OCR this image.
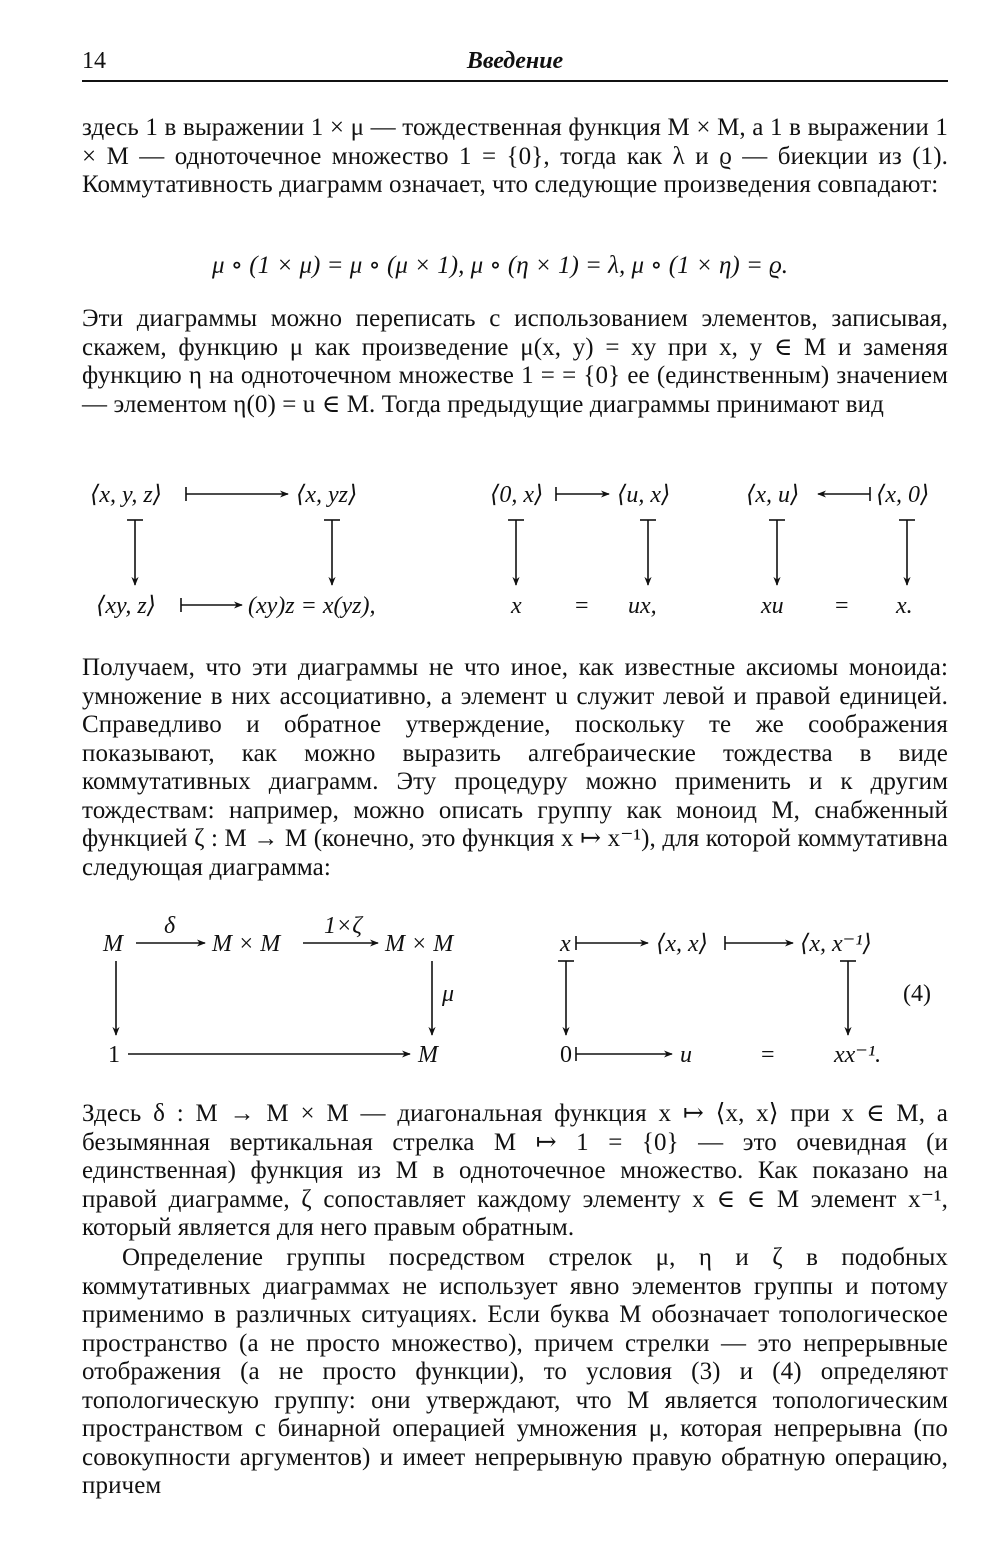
14	Введение
здесь 1 в выражении 1 × μ — тождественная функция M × M, а 1 в выражении 1 × M — одноточечное множество 1 = {0}, тогда как λ и ϱ — биекции из (1). Коммутативность диаграмм означает, что следующие произведения совпадают:
μ ∘ (1 × μ) = μ ∘ (μ × 1), μ ∘ (η × 1) = λ, μ ∘ (1 × η) = ϱ.
Эти диаграммы можно переписать с использованием элементов, записывая, скажем, функцию μ как произведение μ(x, y) = xy при x, y ∈ M и заменяя функцию η на одноточечном множестве 1 = = {0} ее (единственным) значением — элементом η(0) = u ∈ M. Тогда предыдущие диаграммы принимают вид
⟨x, y, z⟩	⟨x, yz⟩
⟨xy, z⟩	(xy)z = x(yz),
⟨0, x⟩	⟨u, x⟩
x = ux,
⟨x, u⟩	⟨x, 0⟩
xu = x.
Получаем, что эти диаграммы не что иное, как известные аксиомы моноида: умножение в них ассоциативно, а элемент u служит левой и правой единицей. Справедливо и обратное утверждение, поскольку те же соображения показывают, как можно выразить алгебраические тождества в виде коммутативных диаграмм. Эту процедуру можно применить и к другим тождествам: например, можно описать группу как моноид M, снабженный функцией ζ : M → M (конечно, это функция x ↦ x⁻¹), для которой коммутативна следующая диаграмма:
M
δ
M × M
1×ζ
M × M
μ
1	M
x	⟨x, x⟩	⟨x, x⁻¹⟩
(4)
0	u	= xx⁻¹.
Здесь δ : M → M × M — диагональная функция x ↦ ⟨x, x⟩ при x ∈ M, а безымянная вертикальная стрелка M ↦ 1 = {0} — это очевидная (и единственная) функция из M в одноточечное множество. Как показано на правой диаграмме, ζ сопоставляет каждому элементу x ∈ ∈ M элемент x⁻¹, который является для него правым обратным.
Определение группы посредством стрелок μ, η и ζ в подобных коммутативных диаграммах не использует явно элементов группы и потому применимо в различных ситуациях. Если буква M обозначает топологическое пространство (а не просто множество), причем стрелки — это непрерывные отображения (а не просто функции), то условия (3) и (4) определяют топологическую группу: они утверждают, что M является топологическим пространством с бинарной операцией умножения μ, которая непрерывна (по совокупности аргументов) и имеет непрерывную правую обратную операцию, причем
